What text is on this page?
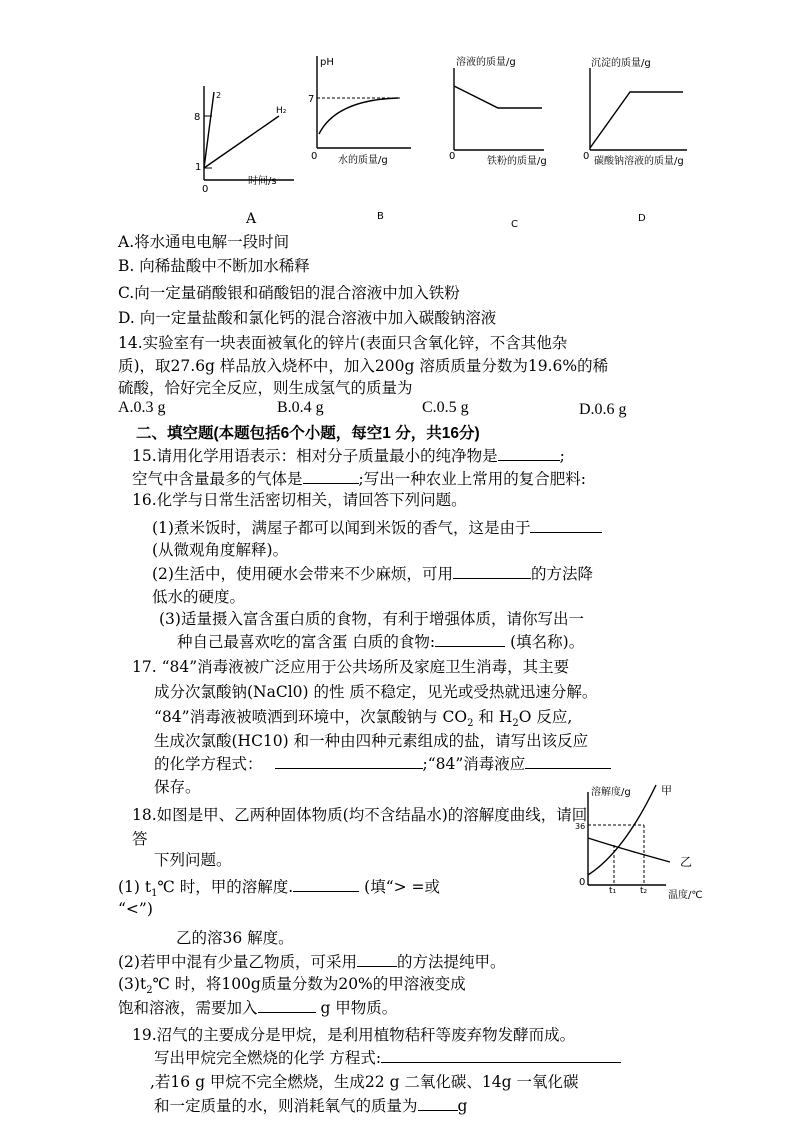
8
1
0
2
H₂
时间/s
A
pH
7
0 水的质量/g
B
溶液的质量/g
0	铁粉的质量/g
C
沉淀的质量/g
0 碳酸钠溶液的质量/g
D
A.将水通电电解一段时间
B. 向稀盐酸中不断加水稀释
C.向一定量硝酸银和硝酸铝的混合溶液中加入铁粉
D. 向一定量盐酸和氯化钙的混合溶液中加入碳酸钠溶液
14.实验室有一块表面被氧化的锌片(表面只含氧化锌，不含其他杂
质)，取27.6g 样品放入烧杯中，加入200g 溶质质量分数为19.6%的稀
硫酸，恰好完全反应，则生成氢气的质量为
A.0.3 g	B.0.4 g	C.0.5 g	D.0.6 g
二、填空题(本题包括6个小题，每空1 分，共16分)
15.请用化学用语表示：相对分子质量最小的纯净物是	;
空气中含量最多的气体是	;写出一种农业上常用的复合肥料:
16.化学与日常生活密切相关，请回答下列问题。
(1)煮米饭时，满屋子都可以闻到米饭的香气，这是由于
(从微观角度解释)。
(2)生活中，使用硬水会带来不少麻烦，可用	的方法降
低水的硬度。
(3)适量摄入富含蛋白质的食物，有利于增强体质，请你写出一
种自己最喜欢吃的富含蛋 白质的食物:	(填名称)。
17. “84”消毒液被广泛应用于公共场所及家庭卫生消毒，其主要
成分次氯酸钠(NaCl0) 的性 质不稳定，见光或受热就迅速分解。
“84”消毒液被喷洒到环境中，次氯酸钠与 $CO_2$ 和 $H_2O$ 反应,
生成次氯酸(HC10) 和一种由四种元素组成的盐，请写出该反应
的化学方程式：	;“84”消毒液应
保存。
36
溶解度/g	甲
乙
0
t₁	t₂ 温度/℃
18.如图是甲、乙两种固体物质(均不含结晶水)的溶解度曲线，请回
答
下列问题。
(1) $t_1℃$ 时，甲的溶解度.	(填“> =或
“<”)
乙的溶36 解度。
(2)若甲中混有少量乙物质，可采用	的方法提纯甲。
$(3)t_2℃$ 时，将100g质量分数为20%的甲溶液变成
饱和溶液，需要加入	g 甲物质。
19.沼气的主要成分是甲烷，是利用植物秸秆等废弃物发酵而成。
写出甲烷完全燃烧的化学 方程式:
,若16 g 甲烷不完全燃烧，生成22 g 二氧化碳、14g 一氧化碳
和一定质量的水，则消耗氧气的质量为	g
